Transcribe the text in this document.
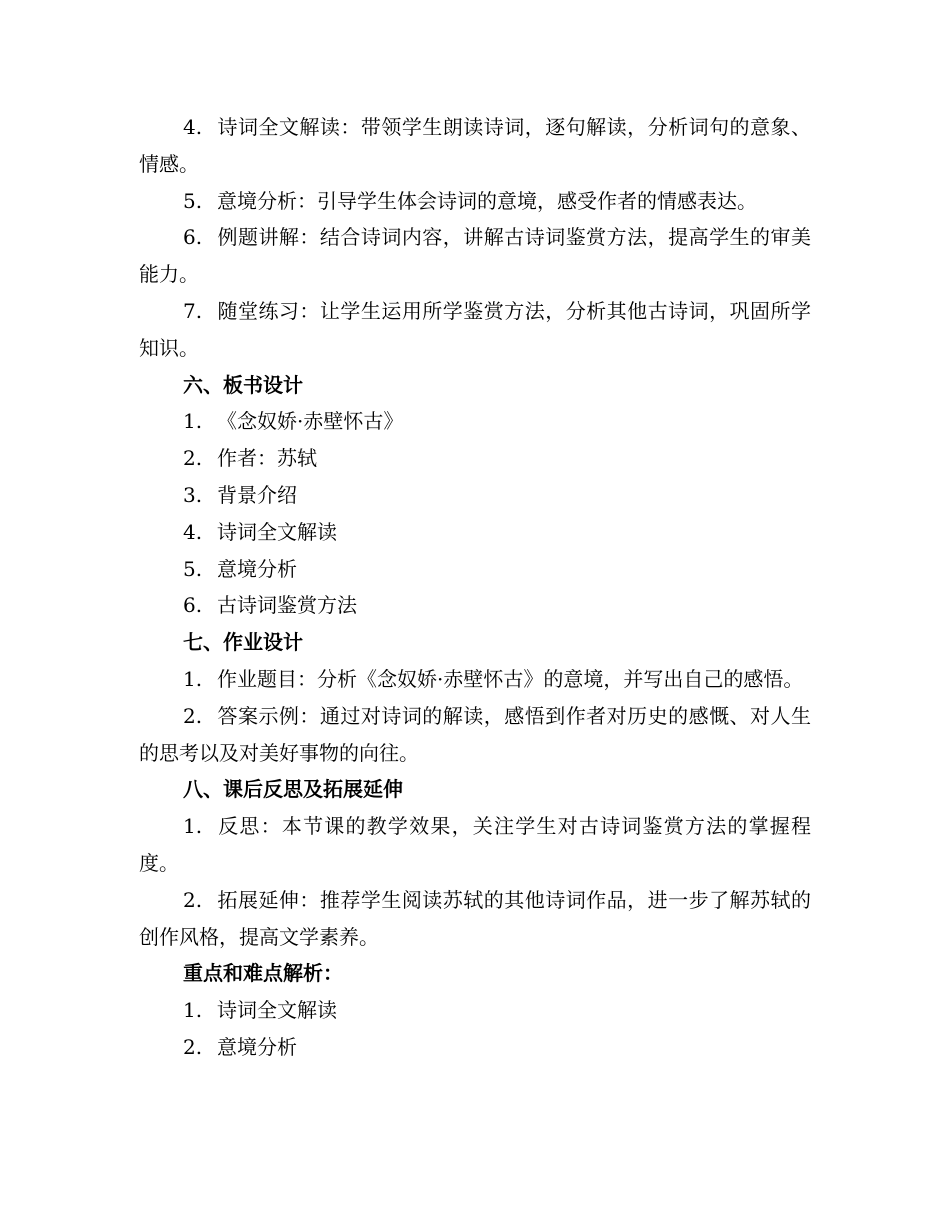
4. 诗词全文解读：带领学生朗读诗词，逐句解读，分析词句的意象、情感。

5. 意境分析：引导学生体会诗词的意境，感受作者的情感表达。

6. 例题讲解：结合诗词内容，讲解古诗词鉴赏方法，提高学生的审美能力。

7. 随堂练习：让学生运用所学鉴赏方法，分析其他古诗词，巩固所学知识。

六、板书设计

1. 《念奴娇·赤壁怀古》

2. 作者：苏轼

3. 背景介绍

4. 诗词全文解读

5. 意境分析

6. 古诗词鉴赏方法

七、作业设计

1. 作业题目：分析《念奴娇·赤壁怀古》的意境，并写出自己的感悟。

2. 答案示例：通过对诗词的解读，感悟到作者对历史的感慨、对人生的思考以及对美好事物的向往。

八、课后反思及拓展延伸

1. 反思：本节课的教学效果，关注学生对古诗词鉴赏方法的掌握程度。

2. 拓展延伸：推荐学生阅读苏轼的其他诗词作品，进一步了解苏轼的创作风格，提高文学素养。

重点和难点解析：

1. 诗词全文解读

2. 意境分析
